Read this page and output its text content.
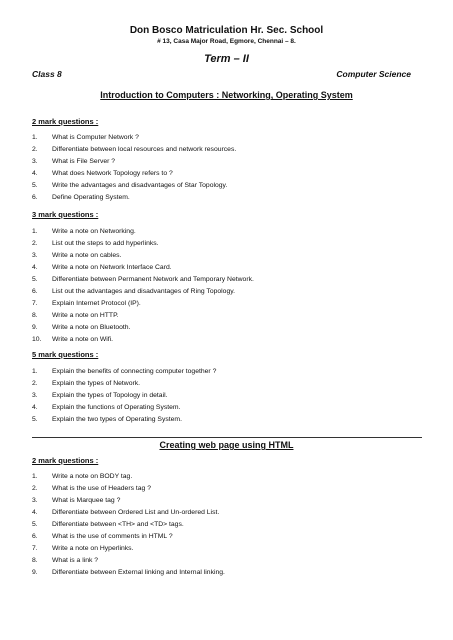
Don Bosco Matriculation Hr. Sec. School
# 13, Casa Major Road, Egmore, Chennai – 8.
Term – II
Class 8	Computer Science
Introduction to Computers : Networking, Operating System
2 mark questions :
1. What is Computer Network ?
2. Differentiate between local resources and network resources.
3. What is File Server ?
4. What does Network Topology refers to ?
5. Write the advantages and disadvantages of Star Topology.
6. Define Operating System.
3 mark questions :
1. Write a note on Networking.
2. List out the steps to add hyperlinks.
3. Write a note on cables.
4. Write a note on Network Interface Card.
5. Differentiate between Permanent Network and Temporary Network.
6. List out the advantages and disadvantages of Ring Topology.
7. Explain Internet Protocol (IP).
8. Write a note on HTTP.
9. Write a note on Bluetooth.
10. Write a note on Wifi.
5 mark questions :
1. Explain the benefits of connecting computer together ?
2. Explain the types of Network.
3. Explain the types of Topology in detail.
4. Explain the functions of Operating System.
5. Explain the two types of Operating System.
Creating web page using HTML
2 mark questions :
1. Write a note on BODY tag.
2. What is the use of Headers tag ?
3. What is Marquee tag ?
4. Differentiate between Ordered List and Un-ordered List.
5. Differentiate between <TH> and <TD> tags.
6. What is the use of comments in HTML ?
7. Write a note on Hyperlinks.
8. What is a link ?
9. Differentiate between External linking and Internal linking.
